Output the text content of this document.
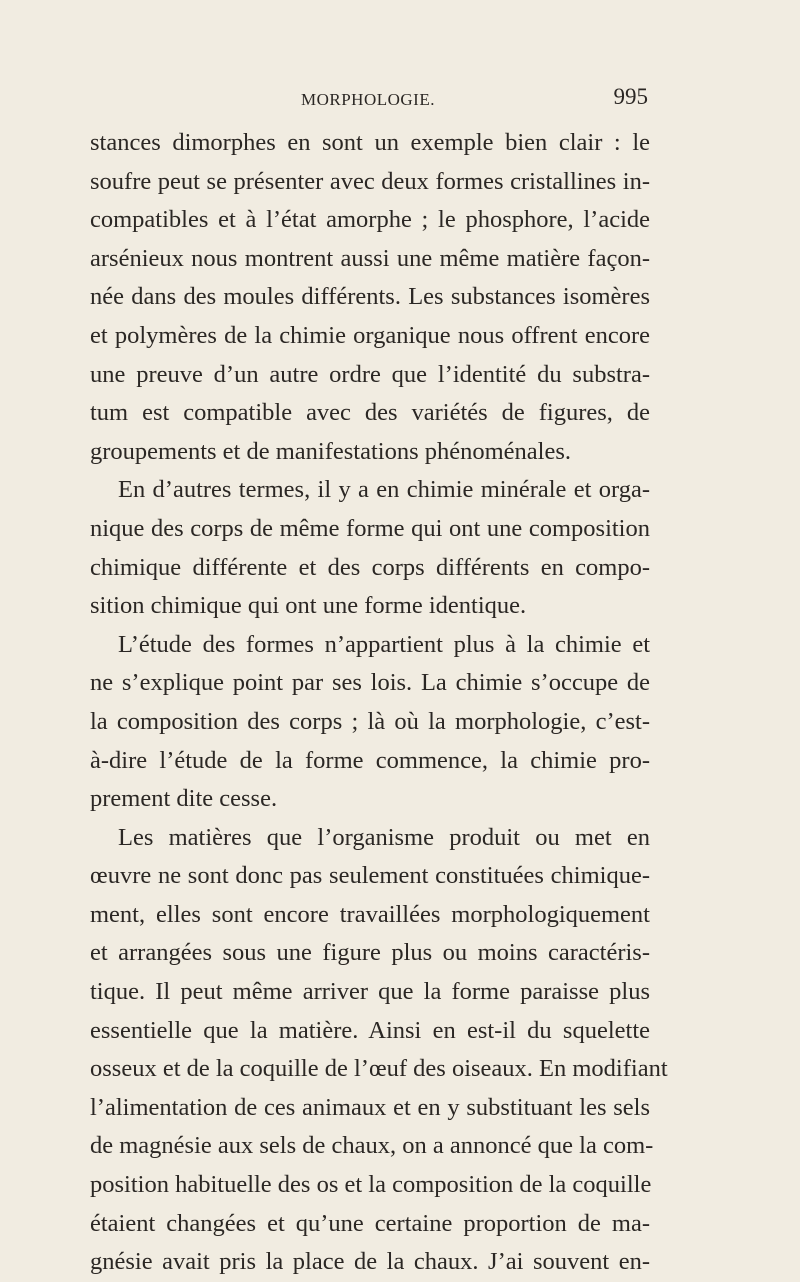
MORPHOLOGIE.	995
stances dimorphes en sont un exemple bien clair : le
soufre peut se présenter avec deux formes cristallines in-
compatibles et à l’état amorphe ; le phosphore, l’acide
arsénieux nous montrent aussi une même matière façon-
née dans des moules différents. Les substances isomères
et polymères de la chimie organique nous offrent encore
une preuve d’un autre ordre que l’identité du substra-
tum est compatible avec des variétés de figures, de
groupements et de manifestations phénoménales.
En d’autres termes, il y a en chimie minérale et orga-
nique des corps de même forme qui ont une composition
chimique différente et des corps différents en compo-
sition chimique qui ont une forme identique.
L’étude des formes n’appartient plus à la chimie et
ne s’explique point par ses lois. La chimie s’occupe de
la composition des corps ; là où la morphologie, c’est-
à-dire l’étude de la forme commence, la chimie pro-
prement dite cesse.
Les matières que l’organisme produit ou met en
œuvre ne sont donc pas seulement constituées chimique-
ment, elles sont encore travaillées morphologiquement
et arrangées sous une figure plus ou moins caractéris-
tique. Il peut même arriver que la forme paraisse plus
essentielle que la matière. Ainsi en est-il du squelette
osseux et de la coquille de l’œuf des oiseaux. En modifiant
l’alimentation de ces animaux et en y substituant les sels
de magnésie aux sels de chaux, on a annoncé que la com-
position habituelle des os et la composition de la coquille
étaient changées et qu’une certaine proportion de ma-
gnésie avait pris la place de la chaux. J’ai souvent en-
